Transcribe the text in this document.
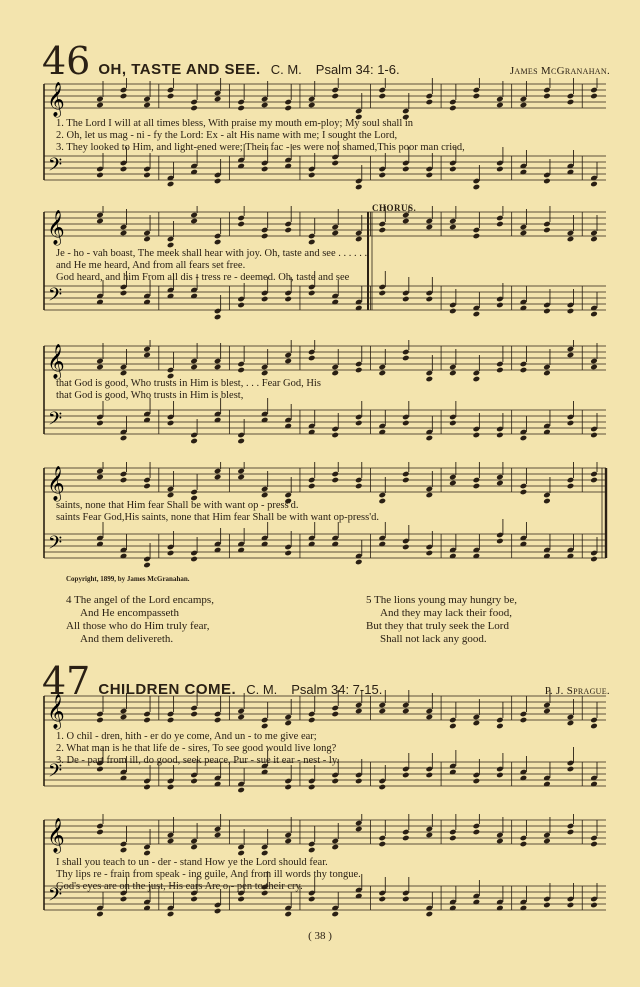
46 OH, TASTE AND SEE. C. M. Psalm 34: 1-6.	James McGranahan.
𝄞
𝄢
1. The Lord I will at all times bless, With praise my mouth em-ploy; My soul shall in
2. Oh, let us mag - ni - fy the Lord: Ex - alt His name with me; I sought the Lord,
3. They looked to Him, and light-ened were; Their fac - es were not shamed,This poor man cried,
CHORUS.
𝄞
𝄢
Je - ho - vah boast, The meek shall hear with joy. Oh, taste and see . . . . . .
and He me heard, And from all fears set free.
God heard, and him From all dis - tress re - deemed. Oh, taste and see
𝄞
𝄢
that God is good, Who trusts in Him is blest, . . . Fear God, His
that God is good, Who trusts in Him is blest,
𝄞
𝄢
saints, none that Him fear Shall be with want op - press'd.
saints Fear God,His saints, none that Him fear Shall be with want op-press'd.
Copyright, 1899, by James McGranahan.
4 The angel of the Lord encamps,
And He encompasseth
All those who do Him truly fear,
And them delivereth.
5 The lions young may hungry be,
And they may lack their food,
But they that truly seek the Lord
Shall not lack any good.
47 CHILDREN COME. C. M. Psalm 34: 7-15.	P. J. Sprague.
𝄞
𝄢
1. O chil - dren, hith - er do ye come, And un - to me give ear;
2. What man is he that life de - sires, To see good would live long?
3. De - part from ill, do good, seek peace, Pur - sue it ear - nest - ly.
𝄞
𝄢
I shall you teach to un - der - stand How ye the Lord should fear.
Thy lips re - frain from speak - ing guile, And from ill words thy tongue.
God's eyes are on the just, His ears Are o - pen to their cry.
( 38 )
